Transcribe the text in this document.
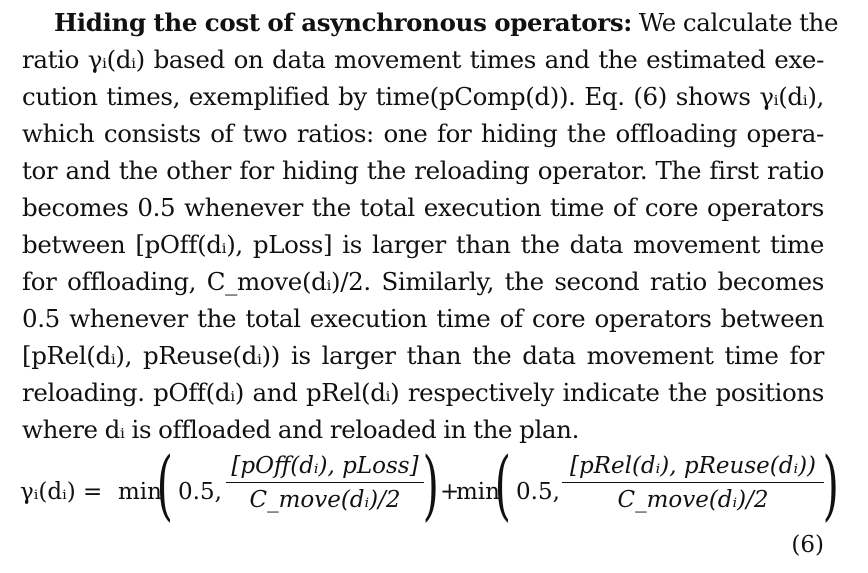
Hiding the cost of asynchronous operators: We calculate the
ratio γᵢ(dᵢ) based on data movement times and the estimated exe-
cution times, exemplified by time(pComp(d)). Eq. (6) shows γᵢ(dᵢ),
which consists of two ratios: one for hiding the offloading opera-
tor and the other for hiding the reloading operator. The first ratio
becomes 0.5 whenever the total execution time of core operators
between [pOff(dᵢ), pLoss] is larger than the data movement time
for offloading, C_move(dᵢ)/2. Similarly, the second ratio becomes
0.5 whenever the total execution time of core operators between
[pRel(dᵢ), pReuse(dᵢ)) is larger than the data movement time for
reloading. pOff(dᵢ) and pRel(dᵢ) respectively indicate the positions
where dᵢ is offloaded and reloaded in the plan.
γᵢ(dᵢ) = min
( 0.5,
[pOff(dᵢ), pLoss]
C_move(dᵢ)/2 ) +
min
( 0.5,
[pRel(dᵢ), pReuse(dᵢ))
C_move(dᵢ)/2 )
(6)
